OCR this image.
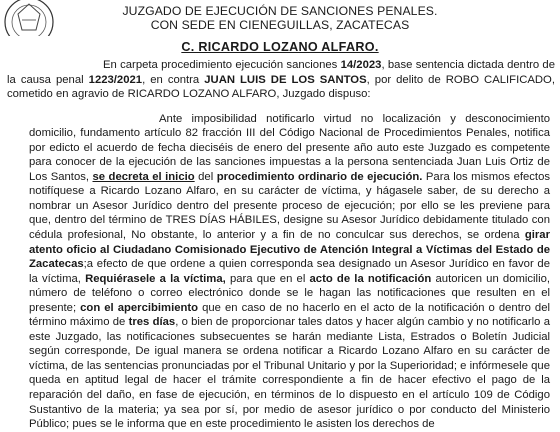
JUZGADO DE EJECUCIÓN DE SANCIONES PENALES.
CON SEDE EN CIENEGUILLAS, ZACATECAS
C. RICARDO LOZANO ALFARO.

En carpeta procedimiento ejecución sanciones 14/2023, base sentencia dictada dentro de la causa penal 1223/2021, en contra JUAN LUIS DE LOS SANTOS, por delito de ROBO CALIFICADO, cometido en agravio de RICARDO LOZANO ALFARO, Juzgado dispuso:

Ante imposibilidad notificarlo virtud no localización y desconocimiento domicilio, fundamento artículo 82 fracción III del Código Nacional de Procedimientos Penales, notifica por edicto el acuerdo de fecha dieciséis de enero del presente año auto este Juzgado es competente para conocer de la ejecución de las sanciones impuestas a la persona sentenciada Juan Luis Ortiz de Los Santos, se decreta el inicio del procedimiento ordinario de ejecución. Para los mismos efectos notifíquese a Ricardo Lozano Alfaro, en su carácter de víctima, y hágasele saber, de su derecho a nombrar un Asesor Jurídico dentro del presente proceso de ejecución; por ello se les previene para que, dentro del término de TRES DÍAS HÁBILES, designe su Asesor Jurídico debidamente titulado con cédula profesional, No obstante, lo anterior y a fin de no conculcar sus derechos, se ordena girar atento oficio al Ciudadano Comisionado Ejecutivo de Atención Integral a Víctimas del Estado de Zacatecas;a efecto de que ordene a quien corresponda sea designado un Asesor Jurídico en favor de la víctima, Requiérasele a la víctima, para que en el acto de la notificación autoricen un domicilio, número de teléfono o correo electrónico donde se le hagan las notificaciones que resulten en el presente; con el apercibimiento que en caso de no hacerlo en el acto de la notificación o dentro del término máximo de tres días, o bien de proporcionar tales datos y hacer algún cambio y no notificarlo a este Juzgado, las notificaciones subsecuentes se harán mediante Lista, Estrados o Boletín Judicial según corresponde, De igual manera se ordena notificar a Ricardo Lozano Alfaro en su carácter de víctima, de las sentencias pronunciadas por el Tribunal Unitario y por la Superioridad; e infórmesele que queda en aptitud legal de hacer el trámite correspondiente a fin de hacer efectivo el pago de la reparación del daño, en fase de ejecución, en términos de lo dispuesto en el artículo 109 de Código Sustantivo de la materia; ya sea por sí, por medio de asesor jurídico o por conducto del Ministerio Público; pues se le informa que en este procedimiento le asisten los derechos de
